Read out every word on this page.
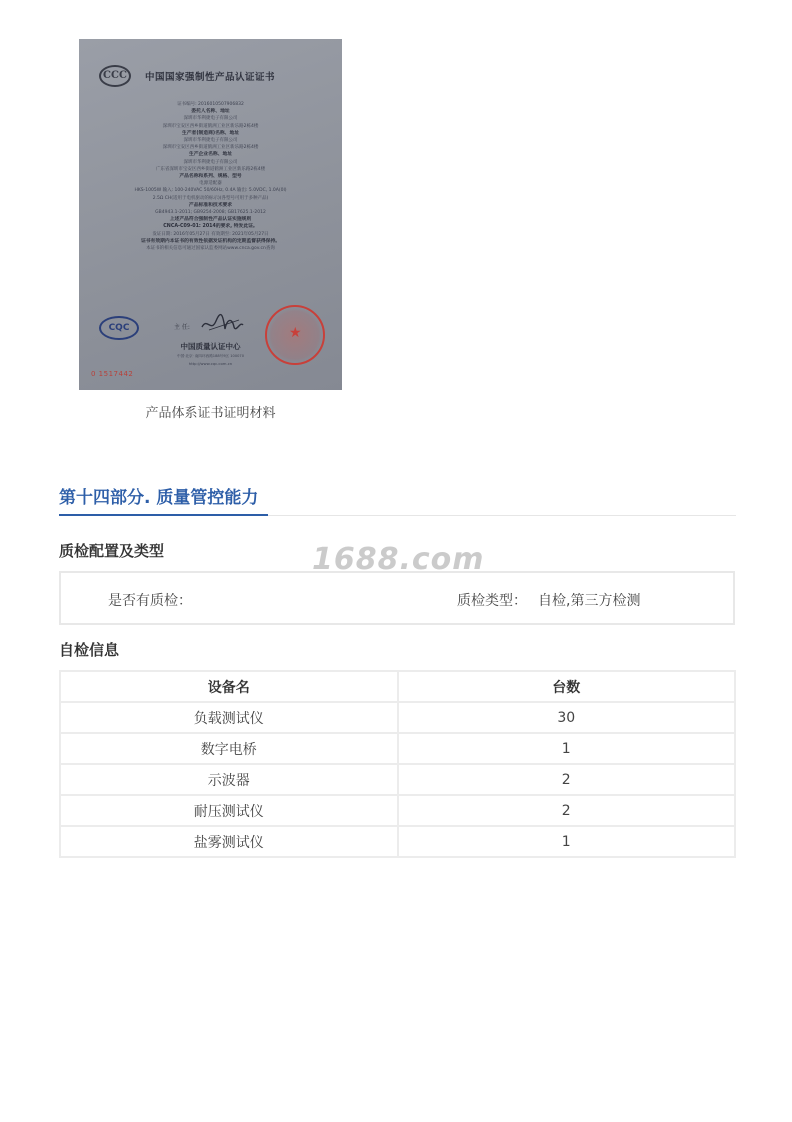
CCC	中国国家强制性产品认证证书
证书编号: 2016010507906832
委托人名称、地址
深圳市华利捷电子有限公司
深圳市宝安区西乡街道鹤洲工业区新乐路2栋4楼
生产者(制造商)名称、地址
深圳市华利捷电子有限公司
深圳市宝安区西乡街道鹤洲工业区新乐路2栋4楼
生产企业名称、地址
深圳市华利捷电子有限公司
广东省深圳市宝安区西乡街道鹤洲工业区新乐路2栋4楼
产品名称和系列、规格、型号
电源适配器
HKS-1005W 输入: 100-240VAC 50/60Hz, 0.4A 输出: 5.0VDC, 1.0A(0Ⅰ)
2.5Ω CH(适用于电机驱动的标示)(各型号可用于多种产品)
产品标准和技术要求
GB4943.1-2011; GB9254-2008; GB17625.1-2012
上述产品符合强制性产品认证实施规则
CNCA-C09-01: 2014的要求, 特发此证。
发证日期: 2016年05月27日 有效期至: 2021年05月27日
证书有效期内本证书的有效性依据发证机构的定期监督获得保持。
本证书的相关信息可通过国家认监委网站www.cnca.gov.cn查询
CQC	主 任:	★
中国质量认证中心
中国·北京· 南四环西路188号9区 100070
http://www.cqc.com.cn
0 1517442
产品体系证书证明材料
第十四部分. 质量管控能力
质检配置及类型
是否有质检：	质检类型： 自检,第三方检测
1688.com
自检信息
设备名	台数
负载测试仪	30
数字电桥	1
示波器	2
耐压测试仪	2
盐雾测试仪	1
